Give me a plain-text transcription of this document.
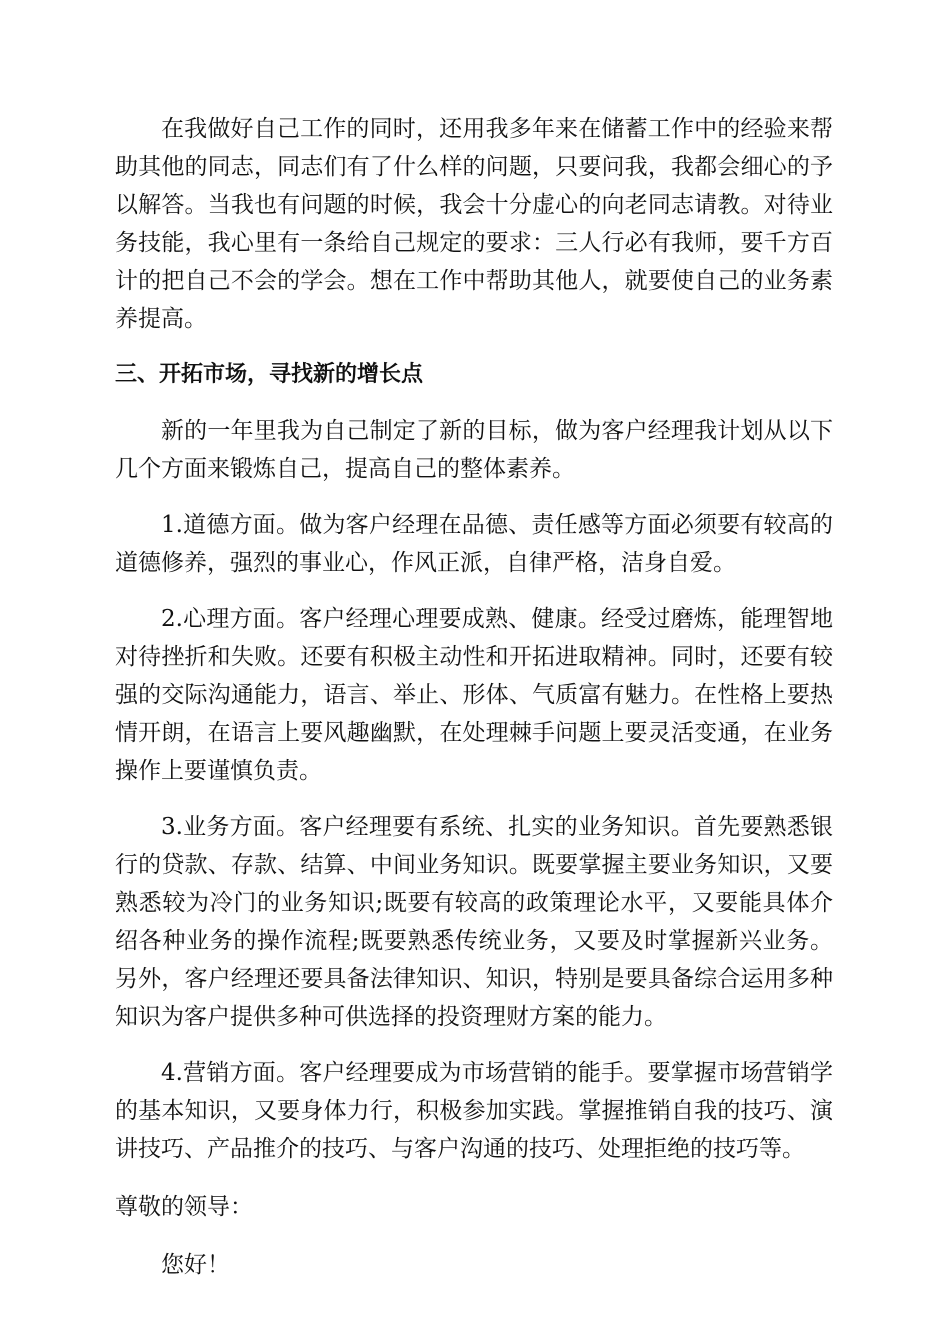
在我做好自己工作的同时，还用我多年来在储蓄工作中的经验来帮助其他的同志，同志们有了什么样的问题，只要问我，我都会细心的予以解答。当我也有问题的时候，我会十分虚心的向老同志请教。对待业务技能，我心里有一条给自己规定的要求：三人行必有我师，要千方百计的把自己不会的学会。想在工作中帮助其他人，就要使自己的业务素养提高。

三、开拓市场，寻找新的增长点

新的一年里我为自己制定了新的目标，做为客户经理我计划从以下几个方面来锻炼自己，提高自己的整体素养。

1.道德方面。做为客户经理在品德、责任感等方面必须要有较高的道德修养，强烈的事业心，作风正派，自律严格，洁身自爱。

2.心理方面。客户经理心理要成熟、健康。经受过磨炼，能理智地对待挫折和失败。还要有积极主动性和开拓进取精神。同时，还要有较强的交际沟通能力，语言、举止、形体、气质富有魅力。在性格上要热情开朗，在语言上要风趣幽默，在处理棘手问题上要灵活变通，在业务操作上要谨慎负责。

3.业务方面。客户经理要有系统、扎实的业务知识。首先要熟悉银行的贷款、存款、结算、中间业务知识。既要掌握主要业务知识，又要熟悉较为冷门的业务知识;既要有较高的政策理论水平，又要能具体介绍各种业务的操作流程;既要熟悉传统业务，又要及时掌握新兴业务。另外，客户经理还要具备法律知识、知识，特别是要具备综合运用多种知识为客户提供多种可供选择的投资理财方案的能力。

4.营销方面。客户经理要成为市场营销的能手。要掌握市场营销学的基本知识，又要身体力行，积极参加实践。掌握推销自我的技巧、演讲技巧、产品推介的技巧、与客户沟通的技巧、处理拒绝的技巧等。

尊敬的领导：

您好！
